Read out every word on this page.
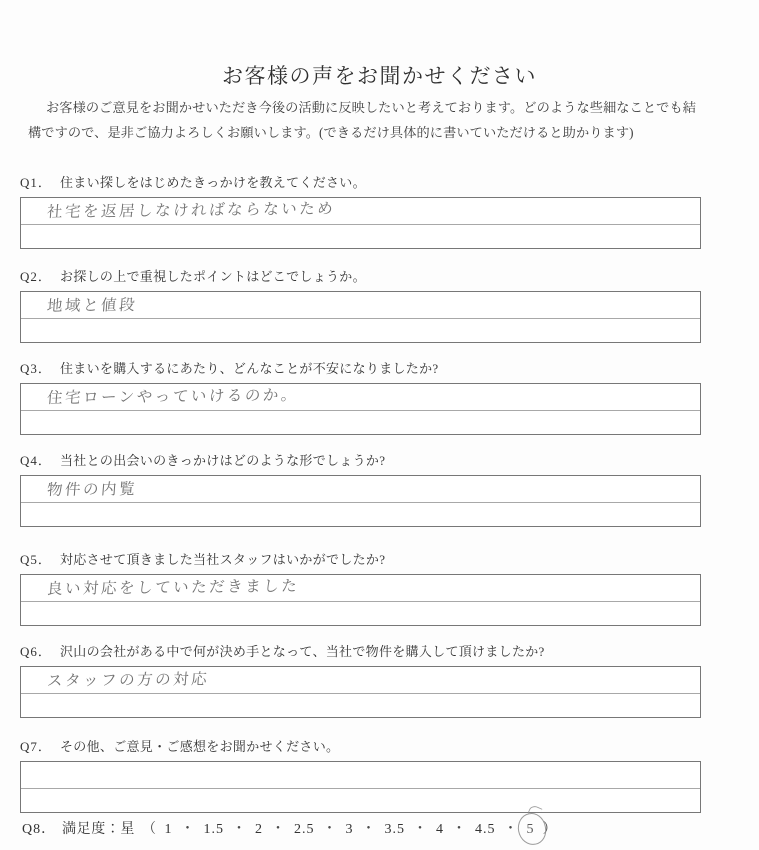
お客様の声をお聞かせください
お客様のご意見をお聞かせいただき今後の活動に反映したいと考えております。どのような些細なことでも結
構ですので、是非ご協力よろしくお願いします。(できるだけ具体的に書いていただけると助かります)
Q1． 住まい探しをはじめたきっかけを教えてください。
社宅を返居しなければならないため
Q2． お探しの上で重視したポイントはどこでしょうか。
地域と値段
Q3． 住まいを購入するにあたり、どんなことが不安になりましたか?
住宅ローンやっていけるのか。
Q4． 当社との出会いのきっかけはどのような形でしょうか?
物件の内覧
Q5． 対応させて頂きました当社スタッフはいかがでしたか?
良い対応をしていただきました
Q6． 沢山の会社がある中で何が決め手となって、当社で物件を購入して頂けましたか?
スタッフの方の対応
Q7． その他、ご意見・ご感想をお聞かせください。
Q8． 満足度：星 （ 1 ・ 1.5 ・ 2 ・ 2.5 ・ 3 ・ 3.5 ・ 4 ・ 4.5 ・ 5 ）
